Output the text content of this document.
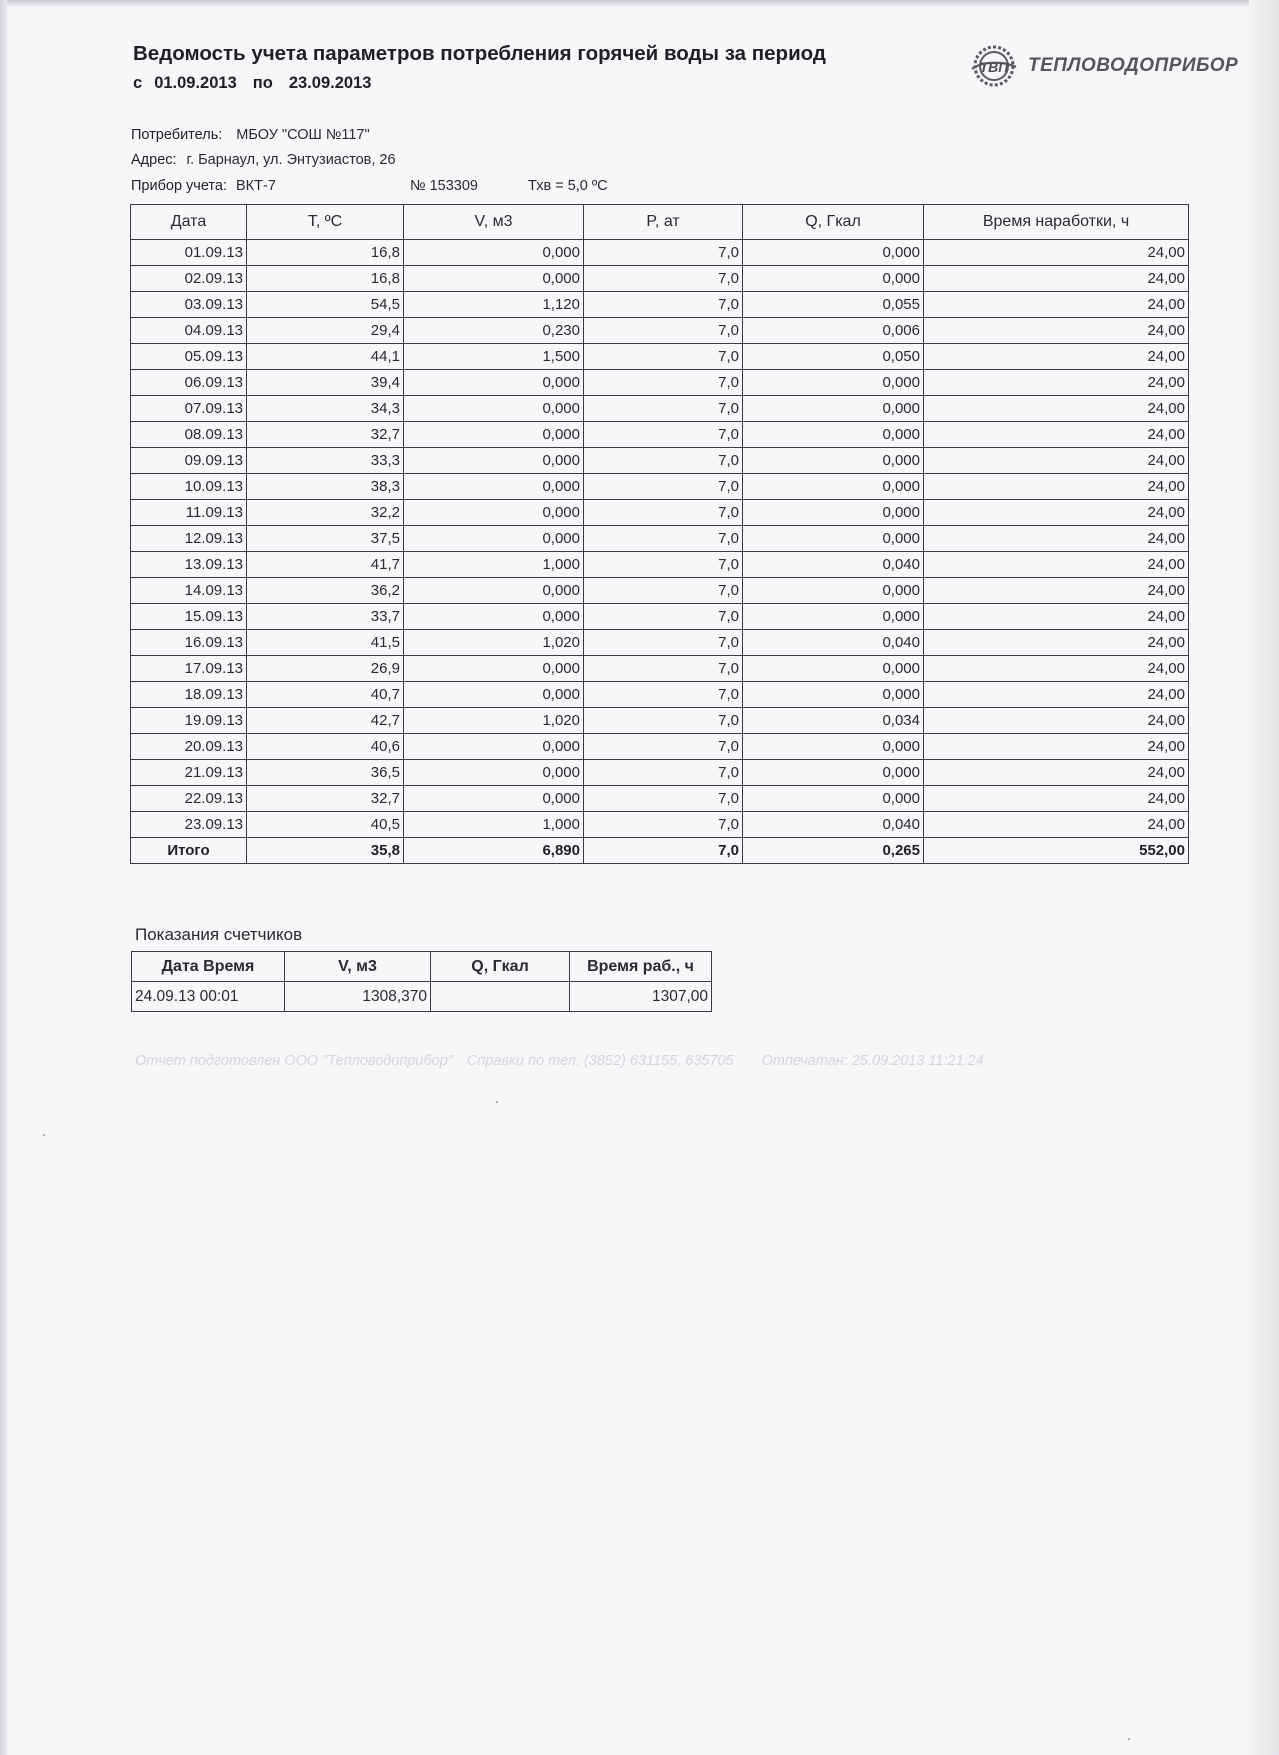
Ведомость учета параметров потребления горячей воды за период
с 01.09.2013 по 23.09.2013
ТВП ТЕПЛОВОДОПРИБОР
Потребитель: МБОУ "СОШ №117"
Адрес: г. Барнаул, ул. Энтузиастов, 26
Прибор учета: ВКТ-7	№ 153309	Тхв = 5,0 ºС
Дата	T, ºC	V, м3	P, ат	Q, Гкал	Время наработки, ч
01.09.13	16,8	0,000	7,0	0,000	24,00
02.09.13	16,8	0,000	7,0	0,000	24,00
03.09.13	54,5	1,120	7,0	0,055	24,00
04.09.13	29,4	0,230	7,0	0,006	24,00
05.09.13	44,1	1,500	7,0	0,050	24,00
06.09.13	39,4	0,000	7,0	0,000	24,00
07.09.13	34,3	0,000	7,0	0,000	24,00
08.09.13	32,7	0,000	7,0	0,000	24,00
09.09.13	33,3	0,000	7,0	0,000	24,00
10.09.13	38,3	0,000	7,0	0,000	24,00
11.09.13	32,2	0,000	7,0	0,000	24,00
12.09.13	37,5	0,000	7,0	0,000	24,00
13.09.13	41,7	1,000	7,0	0,040	24,00
14.09.13	36,2	0,000	7,0	0,000	24,00
15.09.13	33,7	0,000	7,0	0,000	24,00
16.09.13	41,5	1,020	7,0	0,040	24,00
17.09.13	26,9	0,000	7,0	0,000	24,00
18.09.13	40,7	0,000	7,0	0,000	24,00
19.09.13	42,7	1,020	7,0	0,034	24,00
20.09.13	40,6	0,000	7,0	0,000	24,00
21.09.13	36,5	0,000	7,0	0,000	24,00
22.09.13	32,7	0,000	7,0	0,000	24,00
23.09.13	40,5	1,000	7,0	0,040	24,00
Итого	35,8	6,890	7,0	0,265	552,00
Показания счетчиков
Дата Время	V, м3	Q, Гкал	Время раб., ч
24.09.13 00:01	1308,370		1307,00
Отчет подготовлен ООО "Тепловодоприбор" Справки по тел. (3852) 631155, 635705 Отпечатан: 25.09.2013 11:21:24
